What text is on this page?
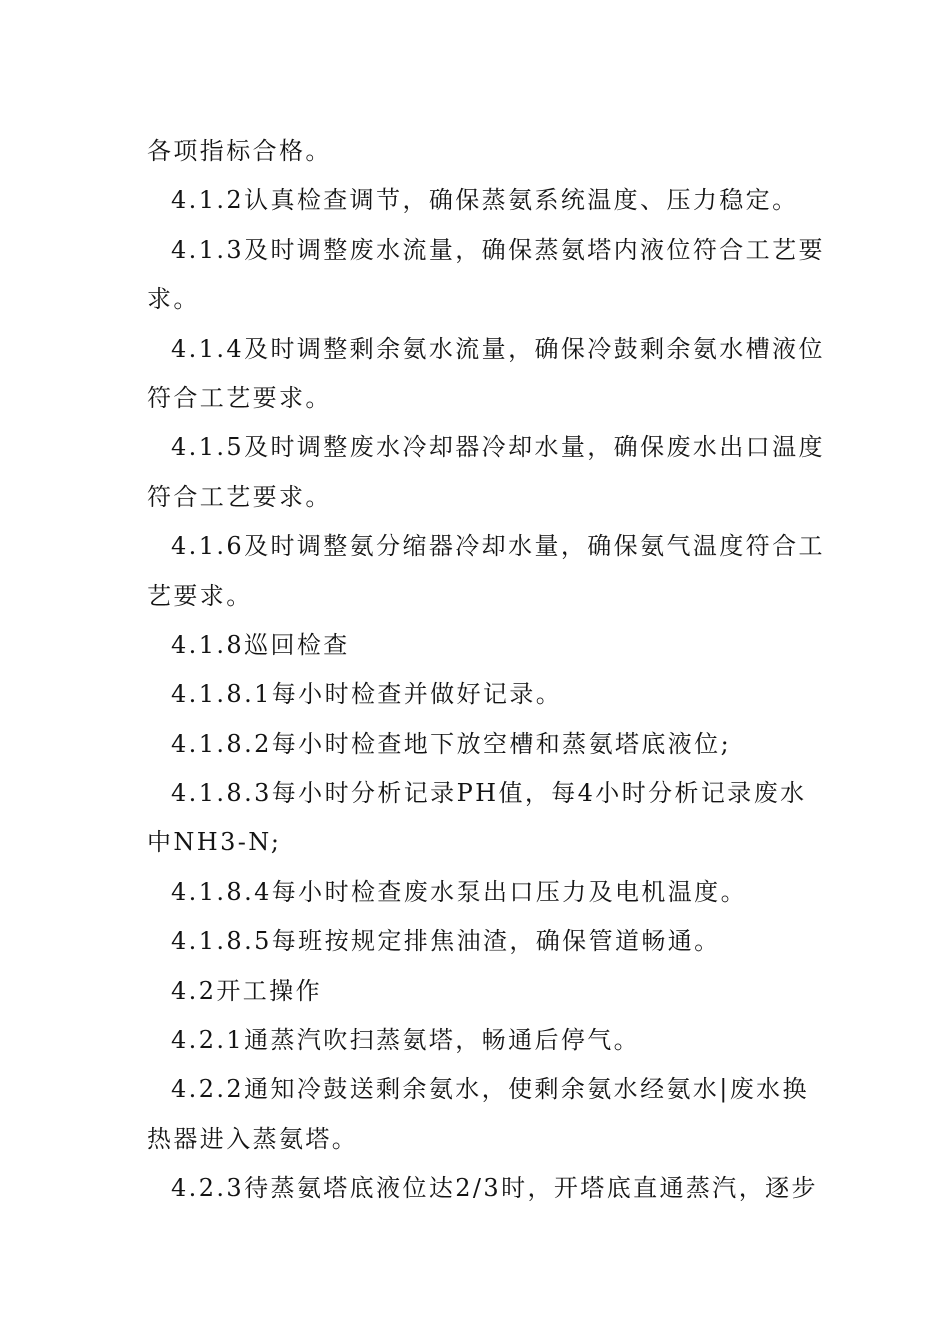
各项指标合格。
4.1.2认真检查调节，确保蒸氨系统温度、压力稳定。
4.1.3及时调整废水流量，确保蒸氨塔内液位符合工艺要
求。
4.1.4及时调整剩余氨水流量，确保冷鼓剩余氨水槽液位
符合工艺要求。
4.1.5及时调整废水冷却器冷却水量，确保废水出口温度
符合工艺要求。
4.1.6及时调整氨分缩器冷却水量，确保氨气温度符合工
艺要求。
4.1.8巡回检查
4.1.8.1每小时检查并做好记录。
4.1.8.2每小时检查地下放空槽和蒸氨塔底液位;
4.1.8.3每小时分析记录PH值，每4小时分析记录废水
中NH3-N;
4.1.8.4每小时检查废水泵出口压力及电机温度。
4.1.8.5每班按规定排焦油渣，确保管道畅通。
4.2开工操作
4.2.1通蒸汽吹扫蒸氨塔，畅通后停气。
4.2.2通知冷鼓送剩余氨水，使剩余氨水经氨水|废水换
热器进入蒸氨塔。
4.2.3待蒸氨塔底液位达2/3时，开塔底直通蒸汽，逐步
